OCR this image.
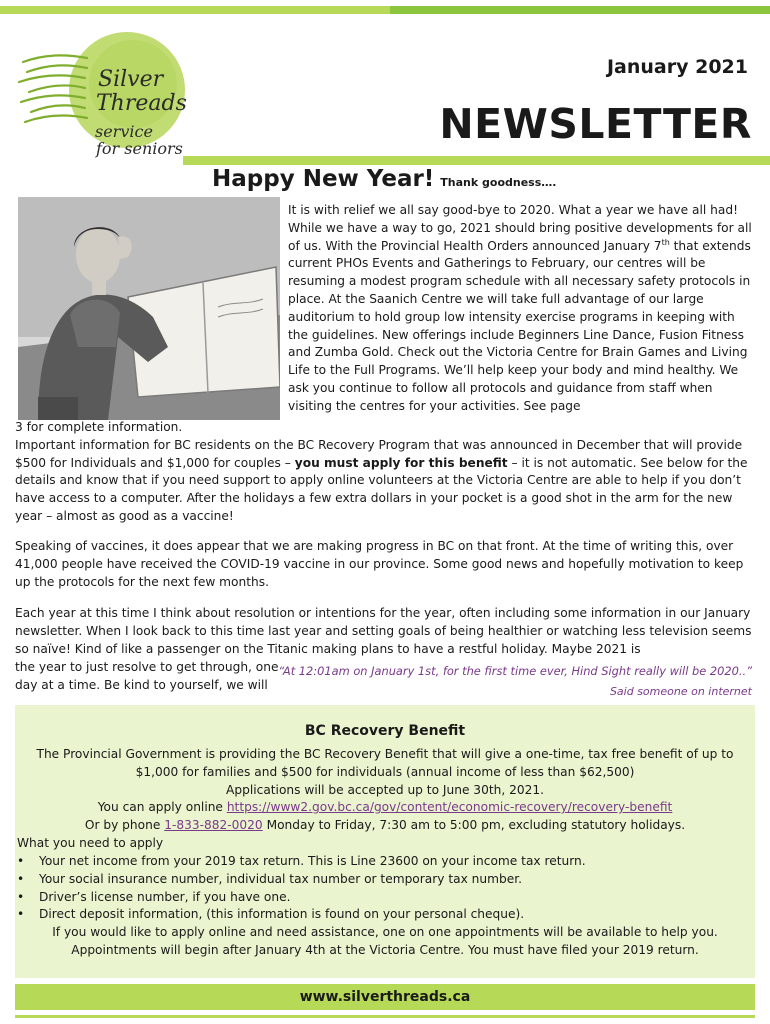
Silver
Threads
service
for seniors
January 2021
NEWSLETTER
Happy New Year! Thank goodness….
It is with relief we all say good-bye to 2020. What a year we have all had! While we have a way to go, 2021 should bring positive developments for all of us. With the Provincial Health Orders announced January 7th that extends current PHOs Events and Gatherings to February, our centres will be resuming a modest program schedule with all necessary safety protocols in place. At the Saanich Centre we will take full advantage of our large auditorium to hold group low intensity exercise programs in keeping with the guidelines. New offerings include Beginners Line Dance, Fusion Fitness and Zumba Gold. Check out the Victoria Centre for Brain Games and Living Life to the Full Programs. We’ll help keep your body and mind healthy. We ask you continue to follow all protocols and guidance from staff when visiting the centres for your activities. See page
3 for complete information.
Important information for BC residents on the BC Recovery Program that was announced in December that will provide $500 for Individuals and $1,000 for couples – you must apply for this benefit – it is not automatic. See below for the details and know that if you need support to apply online volunteers at the Victoria Centre are able to help if you don’t have access to a computer. After the holidays a few extra dollars in your pocket is a good shot in the arm for the new year – almost as good as a vaccine!
Speaking of vaccines, it does appear that we are making progress in BC on that front. At the time of writing this, over 41,000 people have received the COVID-19 vaccine in our province. Some good news and hopefully motivation to keep up the protocols for the next few months.
Each year at this time I think about resolution or intentions for the year, often including some information in our January newsletter. When I look back to this time last year and setting goals of being healthier or watching less television seems so naïve! Kind of like a passenger on the Titanic making plans to have a restful holiday. Maybe 2021 is
the year to just resolve to get through, one day at a time. Be kind to yourself, we will
“At 12:01am on January 1st, for the first time ever, Hind Sight really will be 2020..”
Said someone on internet
BC Recovery Benefit
The Provincial Government is providing the BC Recovery Benefit that will give a one-time, tax free benefit of up to
$1,000 for families and $500 for individuals (annual income of less than $62,500)
Applications will be accepted up to June 30th, 2021.
You can apply online https://www2.gov.bc.ca/gov/content/economic-recovery/recovery-benefit
Or by phone 1-833-882-0020 Monday to Friday, 7:30 am to 5:00 pm, excluding statutory holidays.
What you need to apply
• Your net income from your 2019 tax return. This is Line 23600 on your income tax return.
• Your social insurance number, individual tax number or temporary tax number.
• Driver’s license number, if you have one.
• Direct deposit information, (this information is found on your personal cheque).
If you would like to apply online and need assistance, one on one appointments will be available to help you.
Appointments will begin after January 4th at the Victoria Centre. You must have filed your 2019 return.
www.silverthreads.ca
